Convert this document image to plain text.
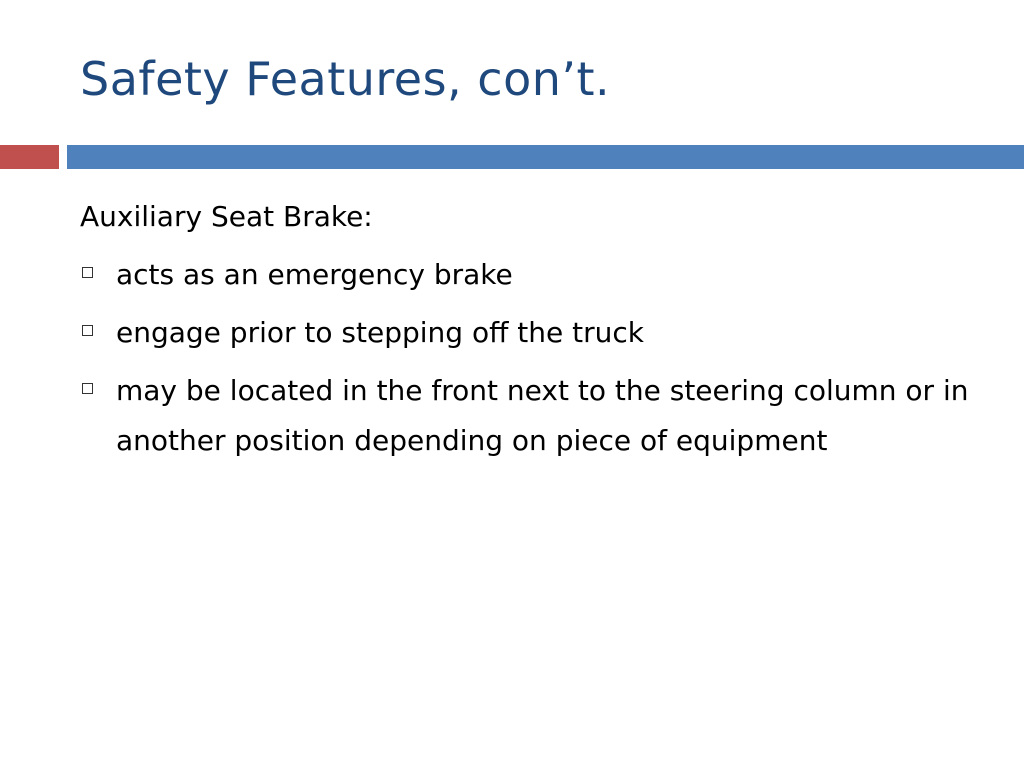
Safety Features, con’t.

Auxiliary Seat Brake:

acts as an emergency brake
engage prior to stepping off the truck
may be located in the front next to the steering column or in another position depending on piece of equipment
